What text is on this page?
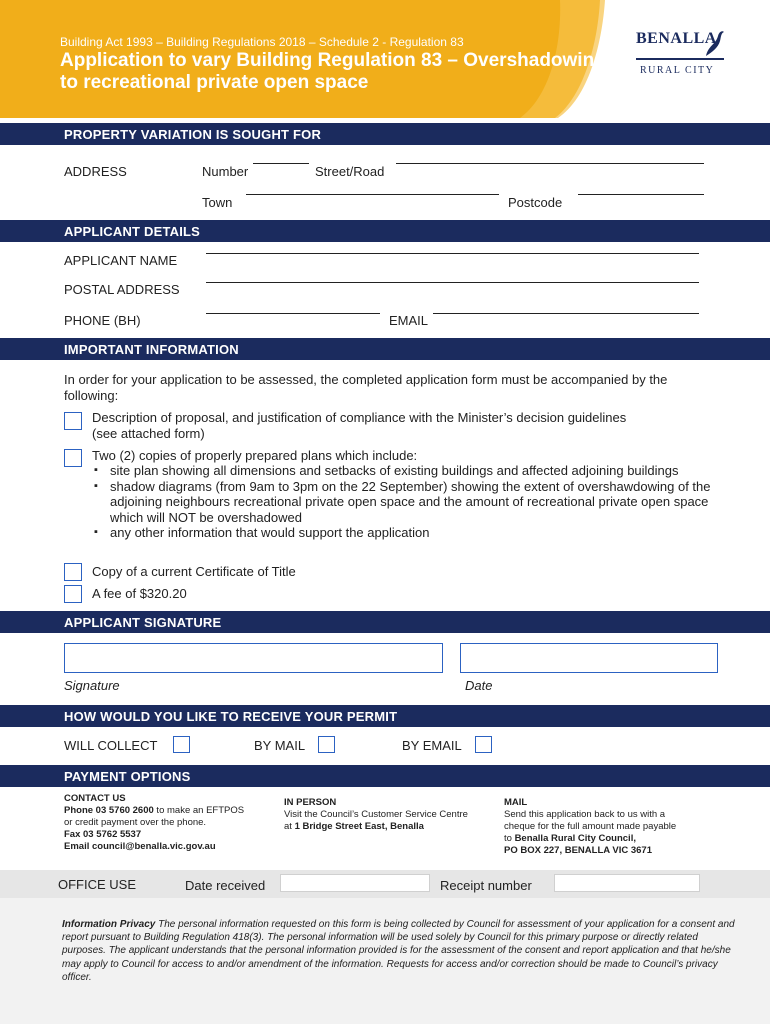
Building Act 1993 – Building Regulations 2018 – Schedule 2 - Regulation 83
Application to vary Building Regulation 83 – Overshadowing to recreational private open space
BENALLA
RURAL CITY
PROPERTY VARIATION IS SOUGHT FOR
ADDRESS	Number	Street/Road
Town	Postcode
APPLICANT DETAILS
APPLICANT NAME
POSTAL ADDRESS
PHONE (BH)	EMAIL
IMPORTANT INFORMATION
In order for your application to be assessed, the completed application form must be accompanied by the following:
Description of proposal, and justification of compliance with the Minister’s decision guidelines (see attached form)
Two (2) copies of properly prepared plans which include:
▪ site plan showing all dimensions and setbacks of existing buildings and affected adjoining buildings
▪ shadow diagrams (from 9am to 3pm on the 22 September) showing the extent of overshawdowing of the adjoining neighbours recreational private open space and the amount of recreational private open space which will NOT be overshadowed
▪ any other information that would support the application
Copy of a current Certificate of Title
A fee of $320.20
APPLICANT SIGNATURE
Signature	Date
HOW WOULD YOU LIKE TO RECEIVE YOUR PERMIT
WILL COLLECT	BY MAIL	BY EMAIL
PAYMENT OPTIONS
CONTACT US
Phone 03 5760 2600 to make an EFTPOS
or credit payment over the phone.
Fax 03 5762 5537
Email council@benalla.vic.gov.au
IN PERSON
Visit the Council’s Customer Service Centre
at 1 Bridge Street East, Benalla
MAIL
Send this application back to us with a
cheque for the full amount made payable
to Benalla Rural City Council,
PO BOX 227, BENALLA VIC 3671
OFFICE USE	Date received	Receipt number
Information Privacy The personal information requested on this form is being collected by Council for assessment of your application for a consent and report pursuant to Building Regulation 418(3). The personal information will be used solely by Council for this primary purpose or directly related purposes. The applicant understands that the personal information provided is for the assessment of the consent and report application and that he/she may apply to Council for access to and/or amendment of the information. Requests for access and/or correction should be made to Council’s privacy officer.
